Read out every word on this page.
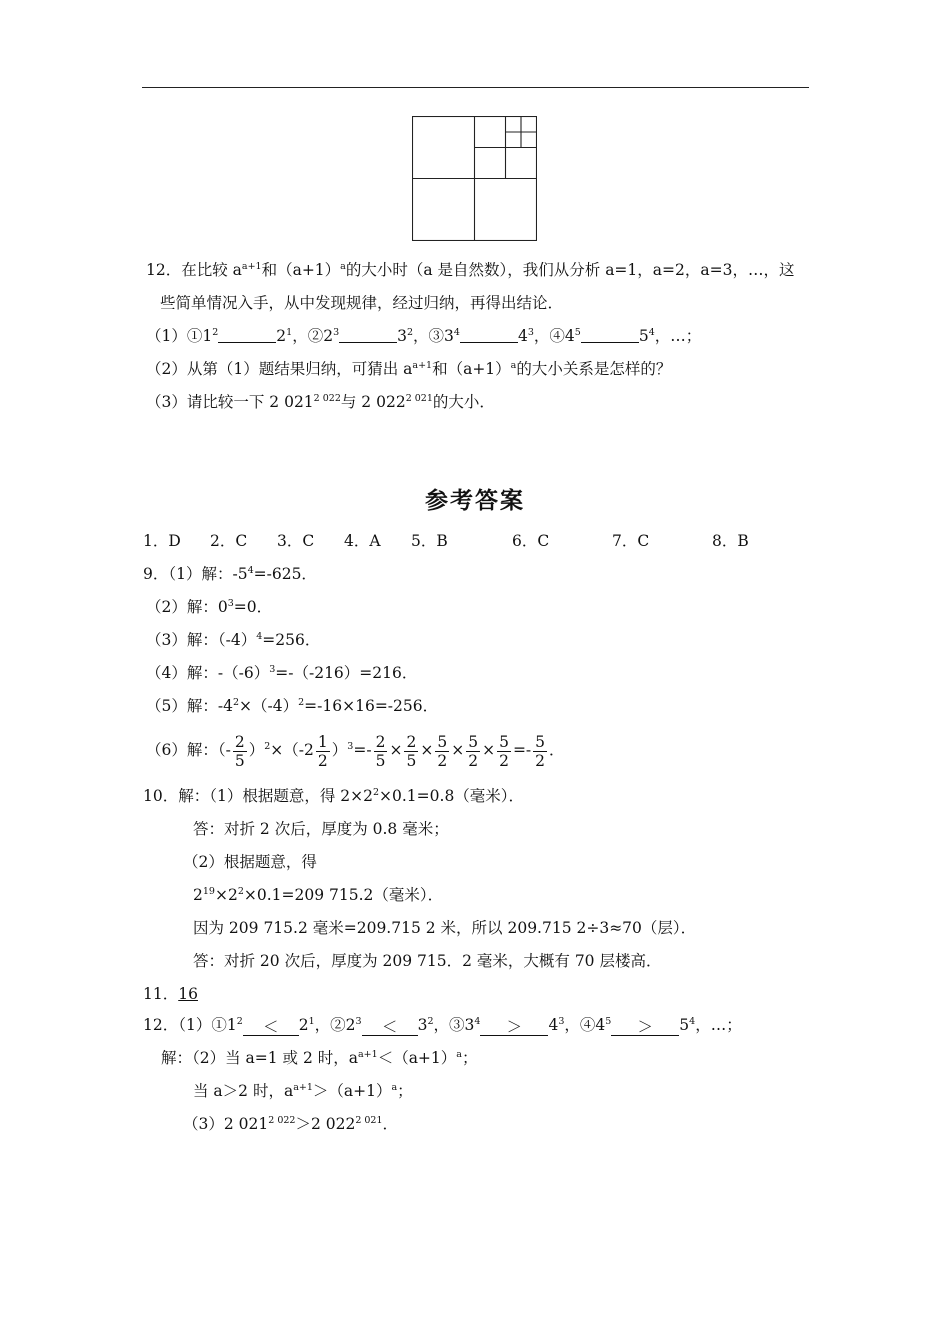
12．在比较 $a^{a+1}$和$(a+1)^a$的大小时（a 是自然数），我们从分析 a=1，a=2，a=3，…，这
些简单情况入手，从中发现规律，经过归纳，再得出结论．
$(1)①1^2$	$2^1$，$②2^3$	$3^2$，$③3^4$	$4^3$，$④4^5$	$5^4$，…；
（2）从第（1）题结果归纳，可猜出 $a^{a+1}$和$(a+1)^a$的大小关系是怎样的？
（3）请比较一下 2 $021^{2 022}$与 2 $022^{2 021}$的大小．
参考答案
1．D 2．C 3．C 4．A 5．B	6．C	7．C	8．B
9．（1）解：$-5^4=-625$．
（2）解：$0^3=0$．
（3）解：$(-4)^4=256$．
（4）解：$-(-6)^3=-(-216)=216$．
（5）解：$-4^2\times(-4)^2=-16\times 16=-256$．
（6）解：（- $\frac{2}{5} )^2\times(-2 \frac{1}{2} )^3=- \frac{2}{5} \times \frac{2}{5} \times \frac{5}{2} \times \frac{5}{2} \times \frac{5}{2} =- \frac{5}{2}$ ．
10．解：（1）根据题意，得 $2\times 2^2\times 0.1=0.8$（毫米）．
答：对折 2 次后，厚度为 0.8 毫米；
（2）根据题意，得
$2^{19}\times 2^2\times 0.1=209$ 715.2（毫米）．
因为 209 715.2 毫米=209.715 2 米，所以 209.715 2÷3≈70（层）．
答：对折 20 次后，厚度为 209 715．2 毫米，大概有 70 层楼高．
11．16
12．$(1)①1^2 < 2^1$，$②2^3 < 3^2$，$③3^4 > 4^3$，$④4^5 > 5^4$，…；
解：（2）当 a=1 或 2 时，$a^{a+1}<(a+1)^a$；
当 a＞2 时，$a^{a+1}>(a+1)^a$；
（3）2 $021^{2 022}>2$ $022^{2 021}$．
